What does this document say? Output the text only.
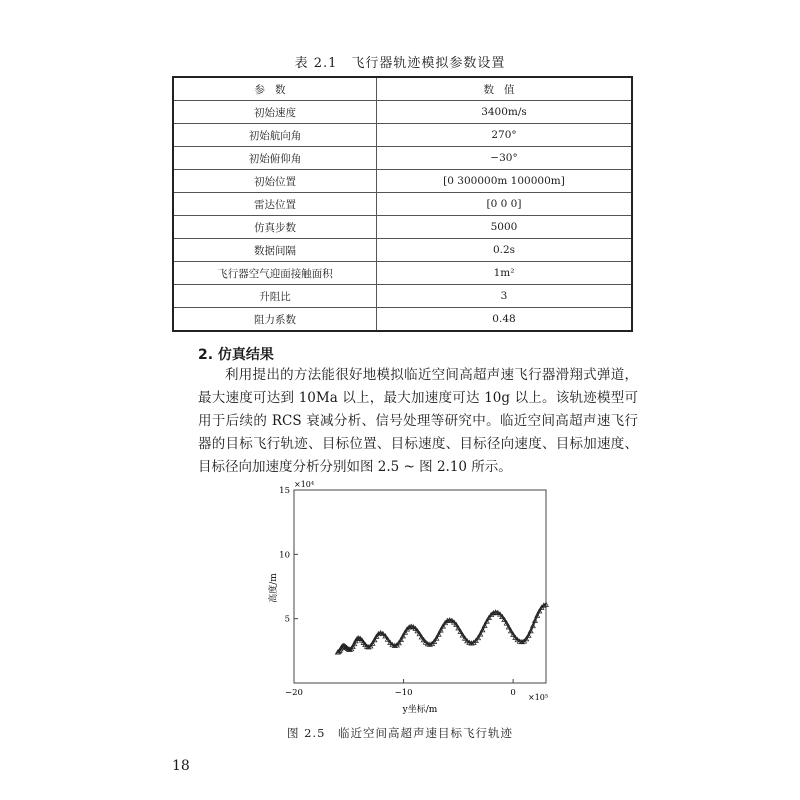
表 2.1　飞行器轨迹模拟参数设置
参数	数值
初始速度	3400m/s
初始航向角	270°
初始俯仰角	−30°
初始位置	[0 300000m 100000m]
雷达位置	[0 0 0]
仿真步数	5000
数据间隔	0.2s
飞行器空气迎面接触面积	1m²
升阻比	3
阻力系数	0.48
2. 仿真结果

利用提出的方法能很好地模拟临近空间高超声速飞行器滑翔式弹道，最大速度可达到 10Ma 以上，最大加速度可达 10g 以上。该轨迹模型可用于后续的 RCS 衰减分析、信号处理等研究中。临近空间高超声速飞行器的目标飞行轨迹、目标位置、目标速度、目标径向速度、目标加速度、目标径向加速度分析分别如图 2.5 ~ 图 2.10 所示。

×10⁴
×10⁵
高度/m
y坐标/m
−20	−10	0
5
10
15
图 2.5　临近空间高超声速目标飞行轨迹
18
